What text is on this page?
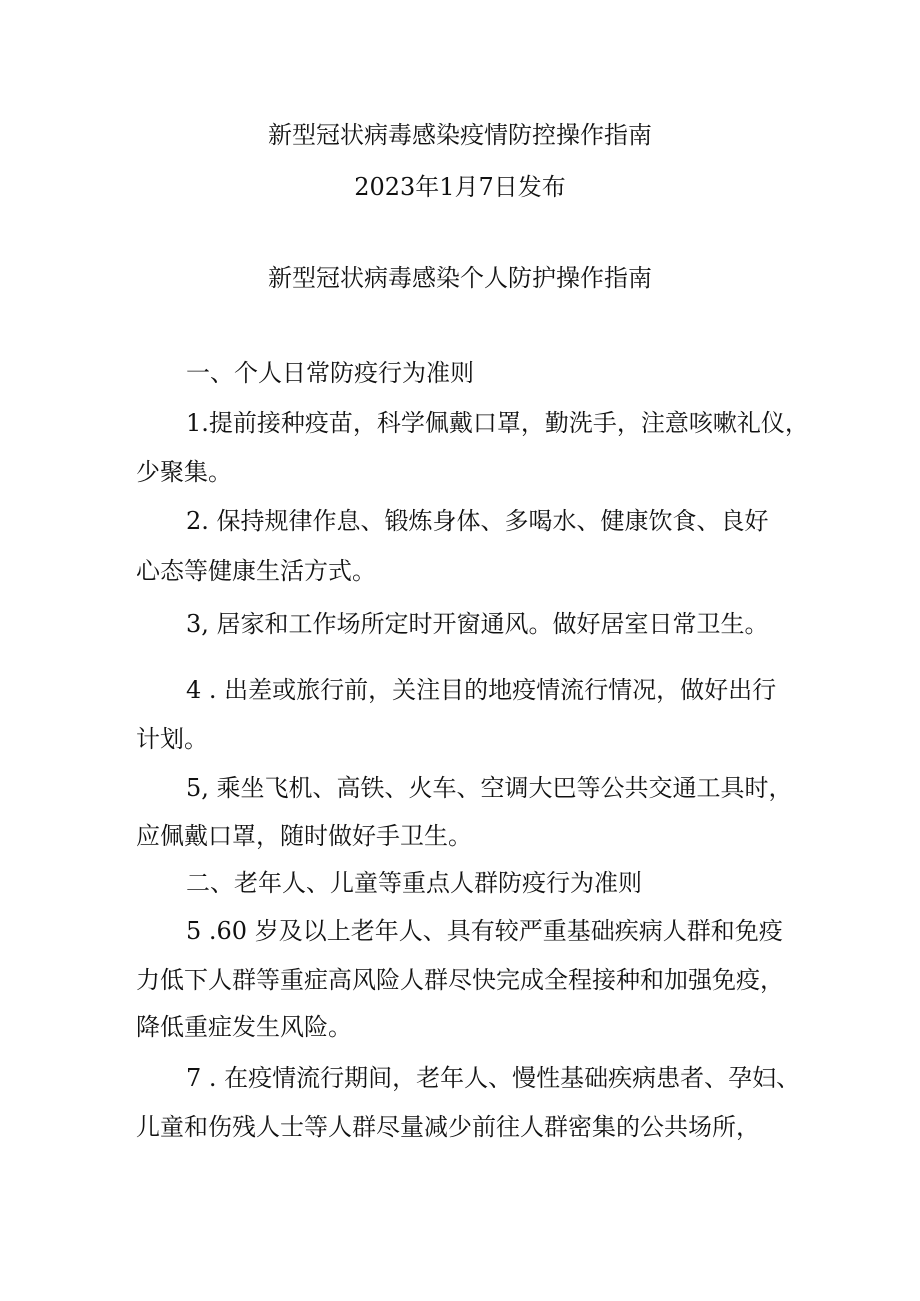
新型冠状病毒感染疫情防控操作指南

2023年1月7日发布

新型冠状病毒感染个人防护操作指南

一、个人日常防疫行为准则

1.提前接种疫苗，科学佩戴口罩，勤洗手，注意咳嗽礼仪，

少聚集。

2. 保持规律作息、锻炼身体、多喝水、健康饮食、良好

心态等健康生活方式。

3, 居家和工作场所定时开窗通风。做好居室日常卫生。

4 . 出差或旅行前，关注目的地疫情流行情况，做好出行

计划。

5, 乘坐飞机、高铁、火车、空调大巴等公共交通工具时，

应佩戴口罩，随时做好手卫生。

二、老年人、儿童等重点人群防疫行为准则

5 .60 岁及以上老年人、具有较严重基础疾病人群和免疫

力低下人群等重症高风险人群尽快完成全程接种和加强免疫，

降低重症发生风险。

7 . 在疫情流行期间，老年人、慢性基础疾病患者、孕妇、

儿童和伤残人士等人群尽量减少前往人群密集的公共场所，
